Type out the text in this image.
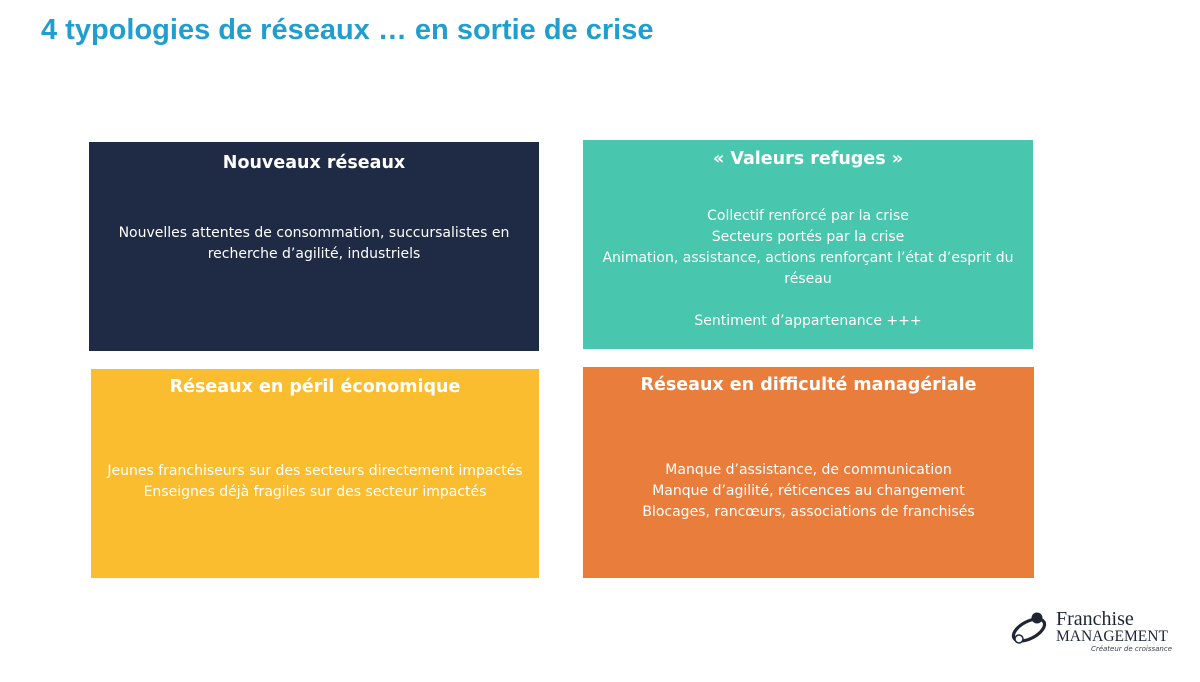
4 typologies de réseaux … en sortie de crise
Nouveaux réseaux

Nouvelles attentes de consommation, succursalistes en recherche d’agilité, industriels

« Valeurs refuges »

Collectif renforcé par la crise

Secteurs portés par la crise

Animation, assistance, actions renforçant l’état d’esprit du réseau

Sentiment d’appartenance +++

Réseaux en péril économique

Jeunes franchiseurs sur des secteurs directement impactés

Enseignes déjà fragiles sur des secteur impactés

Réseaux en difficulté managériale

Manque d’assistance, de communication

Manque d’agilité, réticences au changement

Blocages, rancœurs, associations de franchisés

Franchise
MANAGEMENT
Créateur de croissance
